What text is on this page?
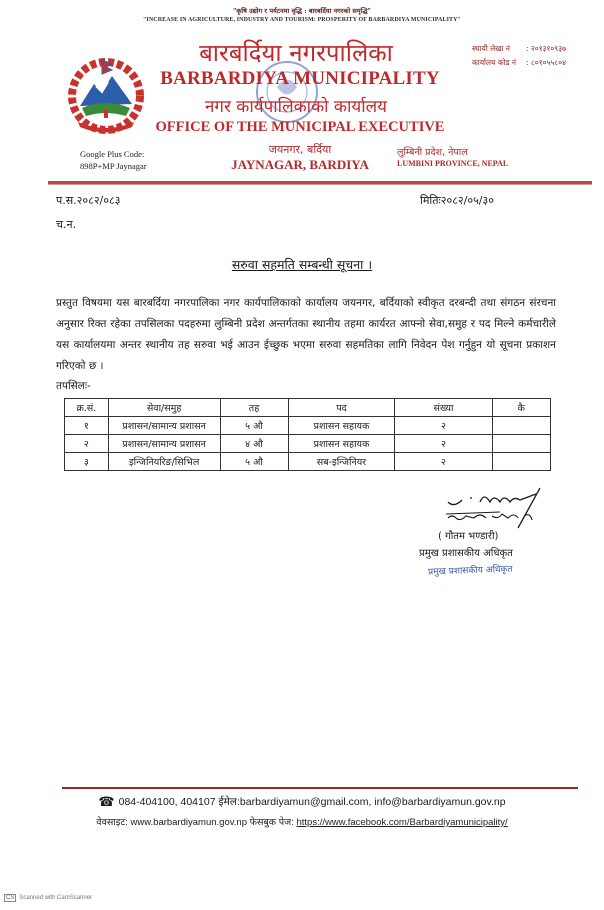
"कृषि उद्योग र पर्यटनमा वृद्धि : बारबर्दिया नगरको समृद्धि"
"INCREASE IN AGRICULTURE, INDUSTRY AND TOURISM: PROSPERITY OF BARBARDIYA MUNICIPALITY"
बारबर्दिया नगरपालिका
BARBARDIYA MUNICIPALITY
नगर कार्यपालिकाको कार्यालय
OFFICE OF THE MUNICIPAL EXECUTIVE
स्थायी लेखा नं : २०१३१०९३७
कार्यालय कोड नं : ८०१०५५८०४
Google Plus Code:
898P+MP Jaynagar
जयनगर, बर्दिया
JAYNAGAR, BARDIYA
लुम्बिनी प्रदेश, नेपाल
LUMBINI PROVINCE, NEPAL
प.स.२०८२/०८३	मितिः२०८२/०५/३०
च.न.
सरुवा सहमति सम्बन्धी सूचना ।
प्रस्तुत विषयमा यस बारबर्दिया नगरपालिका नगर कार्यपालिकाको कार्यालय जयनगर, बर्दियाको स्वीकृत दरबन्दी तथा संगठन संरचना अनुसार रिक्त रहेका तपसिलका पदहरुमा लुम्बिनी प्रदेश अन्तर्गतका स्थानीय तहमा कार्यरत आफ्नो सेवा,समुह र पद मिल्ने कर्मचारीले यस कार्यालयमा अन्तर स्थानीय तह सरुवा भई आउन ईच्छुक भएमा सरुवा सहमतिका लागि निवेदन पेश गर्नुहुन यो सूचना प्रकाशन गरिएको छ ।
तपसिलः-
क्र.सं.	सेवा/समुह	तह	पद	संख्या	कै
१	प्रशासन/सामान्य प्रशासन	५ औ	प्रशासन सहायक	२	
२	प्रशासन/सामान्य प्रशासन	४ औ	प्रशासन सहायक	२	
३	इन्जिनियरिङ/सिभिल	५ औ	सब-इन्जिनियर	२	
( गौतम भण्डारी)
प्रमुख प्रशासकीय अधिकृत
प्रमुख प्रशासकीय अधिकृत
☎ 084-404100, 404107 ईमेल:barbardiyamun@gmail.com, info@barbardiyamun.gov.np
वेवसाइट: www.barbardiyamun.gov.np फेसबुक पेज: https://www.facebook.com/Barbardiyamunicipality/
CS Scanned with CamScanner
